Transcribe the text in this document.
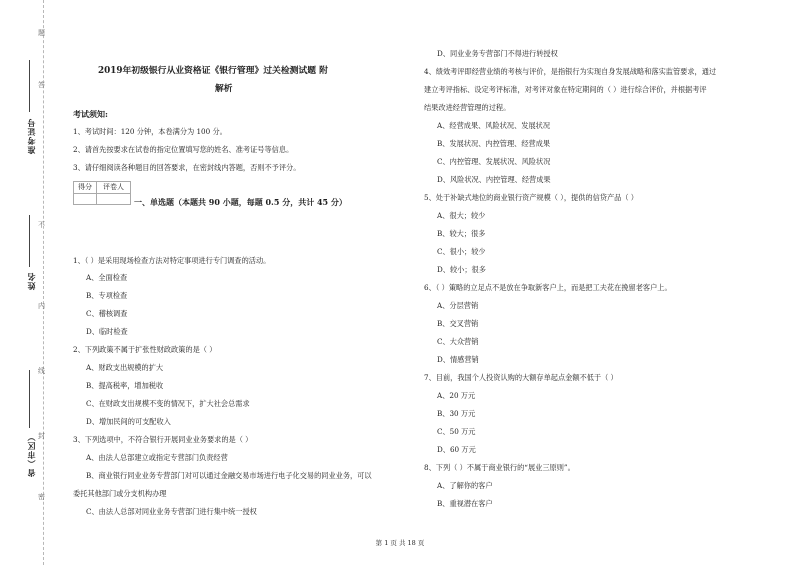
题
答
不
内
线
封
密
准考证号
姓名
省（市区）
2019年初级银行从业资格证《银行管理》过关检测试题 附
解析
考试须知:
1、考试时间：120 分钟，本卷满分为 100 分。
2、请首先按要求在试卷的指定位置填写您的姓名、准考证号等信息。
3、请仔细阅读各种题目的回答要求，在密封线内答题，否则不予评分。
得分	评卷人
一、单选题（本题共 90 小题，每题 0.5 分，共计 45 分）
1、（ ）是采用现场检查方法对特定事项进行专门调查的活动。
A、全面检查
B、专项检查
C、稽核调查
D、临时检查
2、下列政策不属于扩张性财政政策的是（ ）
A、财政支出规模的扩大
B、提高税率，增加税收
C、在财政支出规模不变的情况下，扩大社会总需求
D、增加民间的可支配收入
3、下列选项中，不符合银行开展同业业务要求的是（ ）
A、由法人总部建立或指定专营部门负责经营
B、商业银行同业业务专营部门对可以通过金融交易市场进行电子化交易的同业业务，可以
委托其他部门或分支机构办理
C、由法人总部对同业业务专营部门进行集中统一授权
D、同业业务专营部门不得进行转授权
4、绩效考评即经营业绩的考核与评价，是指银行为实现自身发展战略和落实监管要求，通过
建立考评指标、设定考评标准，对考评对象在特定期间的（ ）进行综合评价，并根据考评
结果改进经营管理的过程。
A、经营成果、风险状况、发展状况
B、发展状况、内控管理、经营成果
C、内控管理、发展状况、风险状况
D、风险状况、内控管理、经营成果
5、处于补缺式地位的商业银行资产规模（ ），提供的信贷产品（ ）
A、很大；较少
B、较大；很多
C、很小；较少
D、较小；很多
6、（ ）策略的立足点不是放在争取新客户上，而是把工夫花在挽留老客户上。
A、分层营销
B、交叉营销
C、大众营销
D、情感营销
7、目前，我国个人投资认购的大额存单起点金额不低于（ ）
A、20 万元
B、30 万元
C、50 万元
D、60 万元
8、下列（ ）不属于商业银行的“展业三原则”。
A、了解你的客户
B、重视潜在客户
第 1 页 共 18 页
